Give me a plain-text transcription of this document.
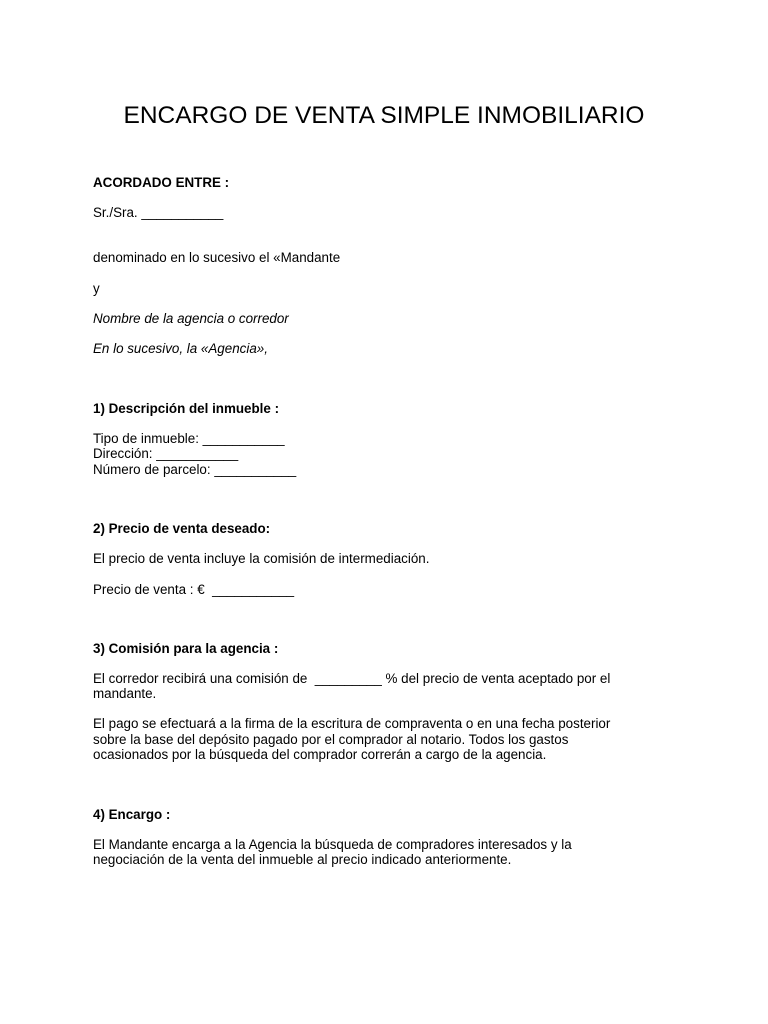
ENCARGO DE VENTA SIMPLE INMOBILIARIO
ACORDADO ENTRE :
Sr./Sra. ___________
denominado en lo sucesivo el «Mandante
y
Nombre de la agencia o corredor
En lo sucesivo, la «Agencia»,
1) Descripción del inmueble :
Tipo de inmueble: ___________
Dirección: ___________
Número de parcelo: ___________
2) Precio de venta deseado:
El precio de venta incluye la comisión de intermediación.
Precio de venta : €  ___________
3) Comisión para la agencia :
El corredor recibirá una comisión de  _________ % del precio de venta aceptado por el
mandante.
El pago se efectuará a la firma de la escritura de compraventa o en una fecha posterior
sobre la base del depósito pagado por el comprador al notario. Todos los gastos
ocasionados por la búsqueda del comprador correrán a cargo de la agencia.
4) Encargo :
El Mandante encarga a la Agencia la búsqueda de compradores interesados y la
negociación de la venta del inmueble al precio indicado anteriormente.
